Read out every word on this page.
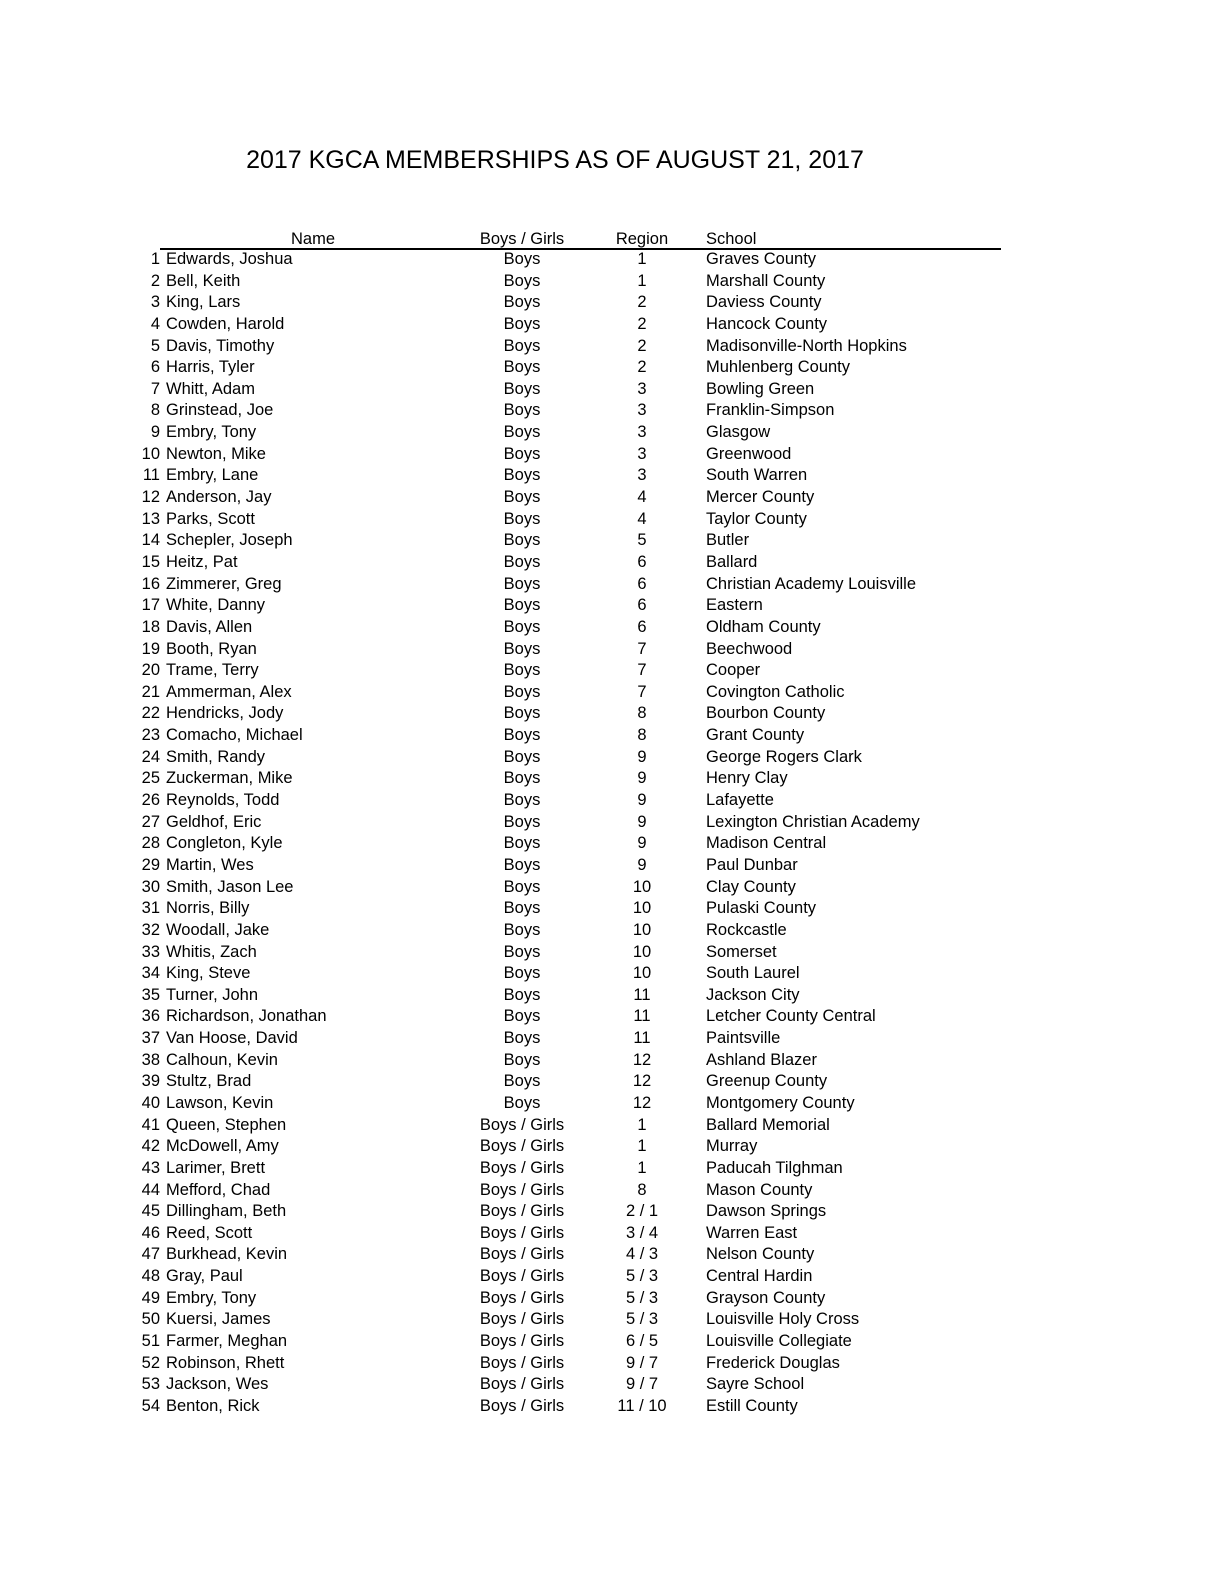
2017 KGCA MEMBERSHIPS AS OF AUGUST 21, 2017
Name	Boys / Girls	Region	School
1 Edwards, Joshua	Boys	1	Graves County
2 Bell, Keith	Boys	1	Marshall County
3 King, Lars	Boys	2	Daviess County
4 Cowden, Harold	Boys	2	Hancock County
5 Davis, Timothy	Boys	2	Madisonville-North Hopkins
6 Harris, Tyler	Boys	2	Muhlenberg County
7 Whitt, Adam	Boys	3	Bowling Green
8 Grinstead, Joe	Boys	3	Franklin-Simpson
9 Embry, Tony	Boys	3	Glasgow
10 Newton, Mike	Boys	3	Greenwood
11 Embry, Lane	Boys	3	South Warren
12 Anderson, Jay	Boys	4	Mercer County
13 Parks, Scott	Boys	4	Taylor County
14 Schepler, Joseph	Boys	5	Butler
15 Heitz, Pat	Boys	6	Ballard
16 Zimmerer, Greg	Boys	6	Christian Academy Louisville
17 White, Danny	Boys	6	Eastern
18 Davis, Allen	Boys	6	Oldham County
19 Booth, Ryan	Boys	7	Beechwood
20 Trame, Terry	Boys	7	Cooper
21 Ammerman, Alex	Boys	7	Covington Catholic
22 Hendricks, Jody	Boys	8	Bourbon County
23 Comacho, Michael	Boys	8	Grant County
24 Smith, Randy	Boys	9	George Rogers Clark
25 Zuckerman, Mike	Boys	9	Henry Clay
26 Reynolds, Todd	Boys	9	Lafayette
27 Geldhof, Eric	Boys	9	Lexington Christian Academy
28 Congleton, Kyle	Boys	9	Madison Central
29 Martin, Wes	Boys	9	Paul Dunbar
30 Smith, Jason Lee	Boys	10	Clay County
31 Norris, Billy	Boys	10	Pulaski County
32 Woodall, Jake	Boys	10	Rockcastle
33 Whitis, Zach	Boys	10	Somerset
34 King, Steve	Boys	10	South Laurel
35 Turner, John	Boys	11	Jackson City
36 Richardson, Jonathan	Boys	11	Letcher County Central
37 Van Hoose, David	Boys	11	Paintsville
38 Calhoun, Kevin	Boys	12	Ashland Blazer
39 Stultz, Brad	Boys	12	Greenup County
40 Lawson, Kevin	Boys	12	Montgomery County
41 Queen, Stephen	Boys / Girls	1	Ballard Memorial
42 McDowell, Amy	Boys / Girls	1	Murray
43 Larimer, Brett	Boys / Girls	1	Paducah Tilghman
44 Mefford, Chad	Boys / Girls	8	Mason County
45 Dillingham, Beth	Boys / Girls	2 / 1	Dawson Springs
46 Reed, Scott	Boys / Girls	3 / 4	Warren East
47 Burkhead, Kevin	Boys / Girls	4 / 3	Nelson County
48 Gray, Paul	Boys / Girls	5 / 3	Central Hardin
49 Embry, Tony	Boys / Girls	5 / 3	Grayson County
50 Kuersi, James	Boys / Girls	5 / 3	Louisville Holy Cross
51 Farmer, Meghan	Boys / Girls	6 / 5	Louisville Collegiate
52 Robinson, Rhett	Boys / Girls	9 / 7	Frederick Douglas
53 Jackson, Wes	Boys / Girls	9 / 7	Sayre School
54 Benton, Rick	Boys / Girls	11 / 10	Estill County
